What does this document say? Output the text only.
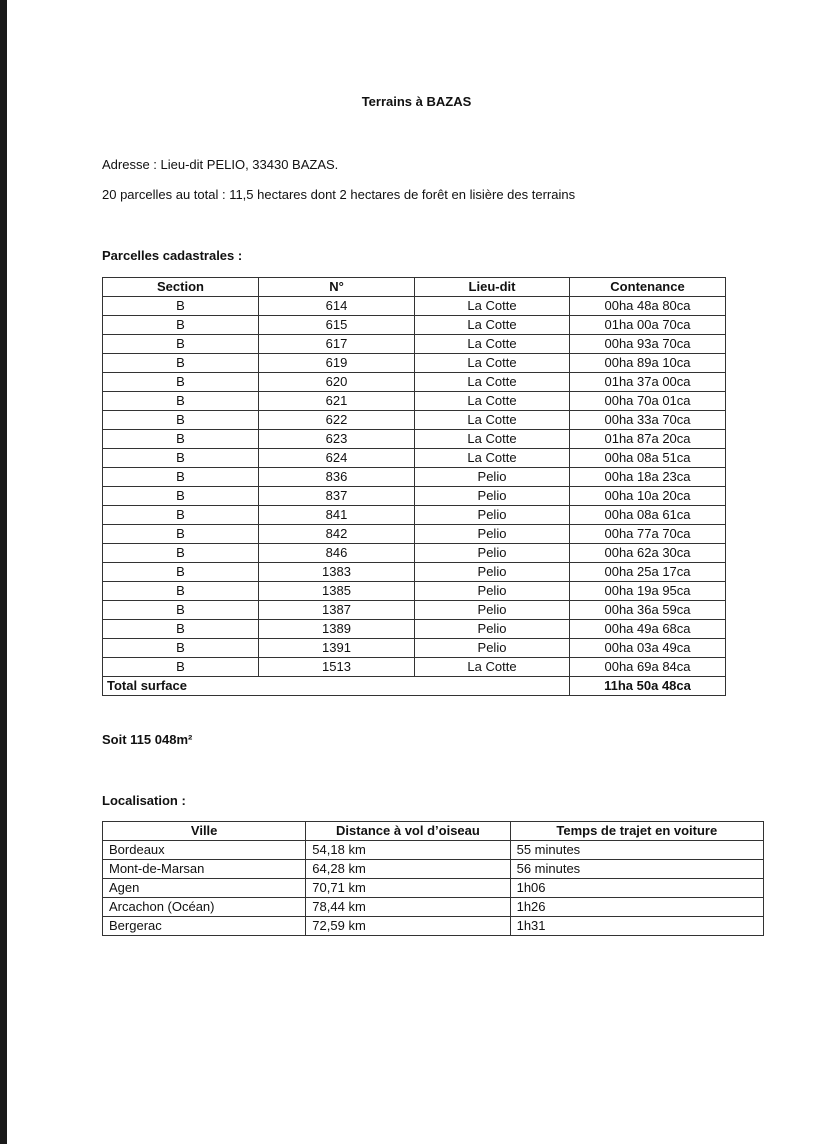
Terrains à BAZAS
Adresse : Lieu-dit PELIO, 33430 BAZAS.
20 parcelles au total : 11,5 hectares dont 2 hectares de forêt en lisière des terrains
Parcelles cadastrales :
Section	N°	Lieu-dit	Contenance
B	614	La Cotte	00ha 48a 80ca
B	615	La Cotte	01ha 00a 70ca
B	617	La Cotte	00ha 93a 70ca
B	619	La Cotte	00ha 89a 10ca
B	620	La Cotte	01ha 37a 00ca
B	621	La Cotte	00ha 70a 01ca
B	622	La Cotte	00ha 33a 70ca
B	623	La Cotte	01ha 87a 20ca
B	624	La Cotte	00ha 08a 51ca
B	836	Pelio	00ha 18a 23ca
B	837	Pelio	00ha 10a 20ca
B	841	Pelio	00ha 08a 61ca
B	842	Pelio	00ha 77a 70ca
B	846	Pelio	00ha 62a 30ca
B	1383	Pelio	00ha 25a 17ca
B	1385	Pelio	00ha 19a 95ca
B	1387	Pelio	00ha 36a 59ca
B	1389	Pelio	00ha 49a 68ca
B	1391	Pelio	00ha 03a 49ca
B	1513	La Cotte	00ha 69a 84ca
Total surface			11ha 50a 48ca
Soit 115 048m²
Localisation :
Ville	Distance à vol d’oiseau	Temps de trajet en voiture
Bordeaux	54,18 km	55 minutes
Mont-de-Marsan	64,28 km	56 minutes
Agen	70,71 km	1h06
Arcachon (Océan)	78,44 km	1h26
Bergerac	72,59 km	1h31
